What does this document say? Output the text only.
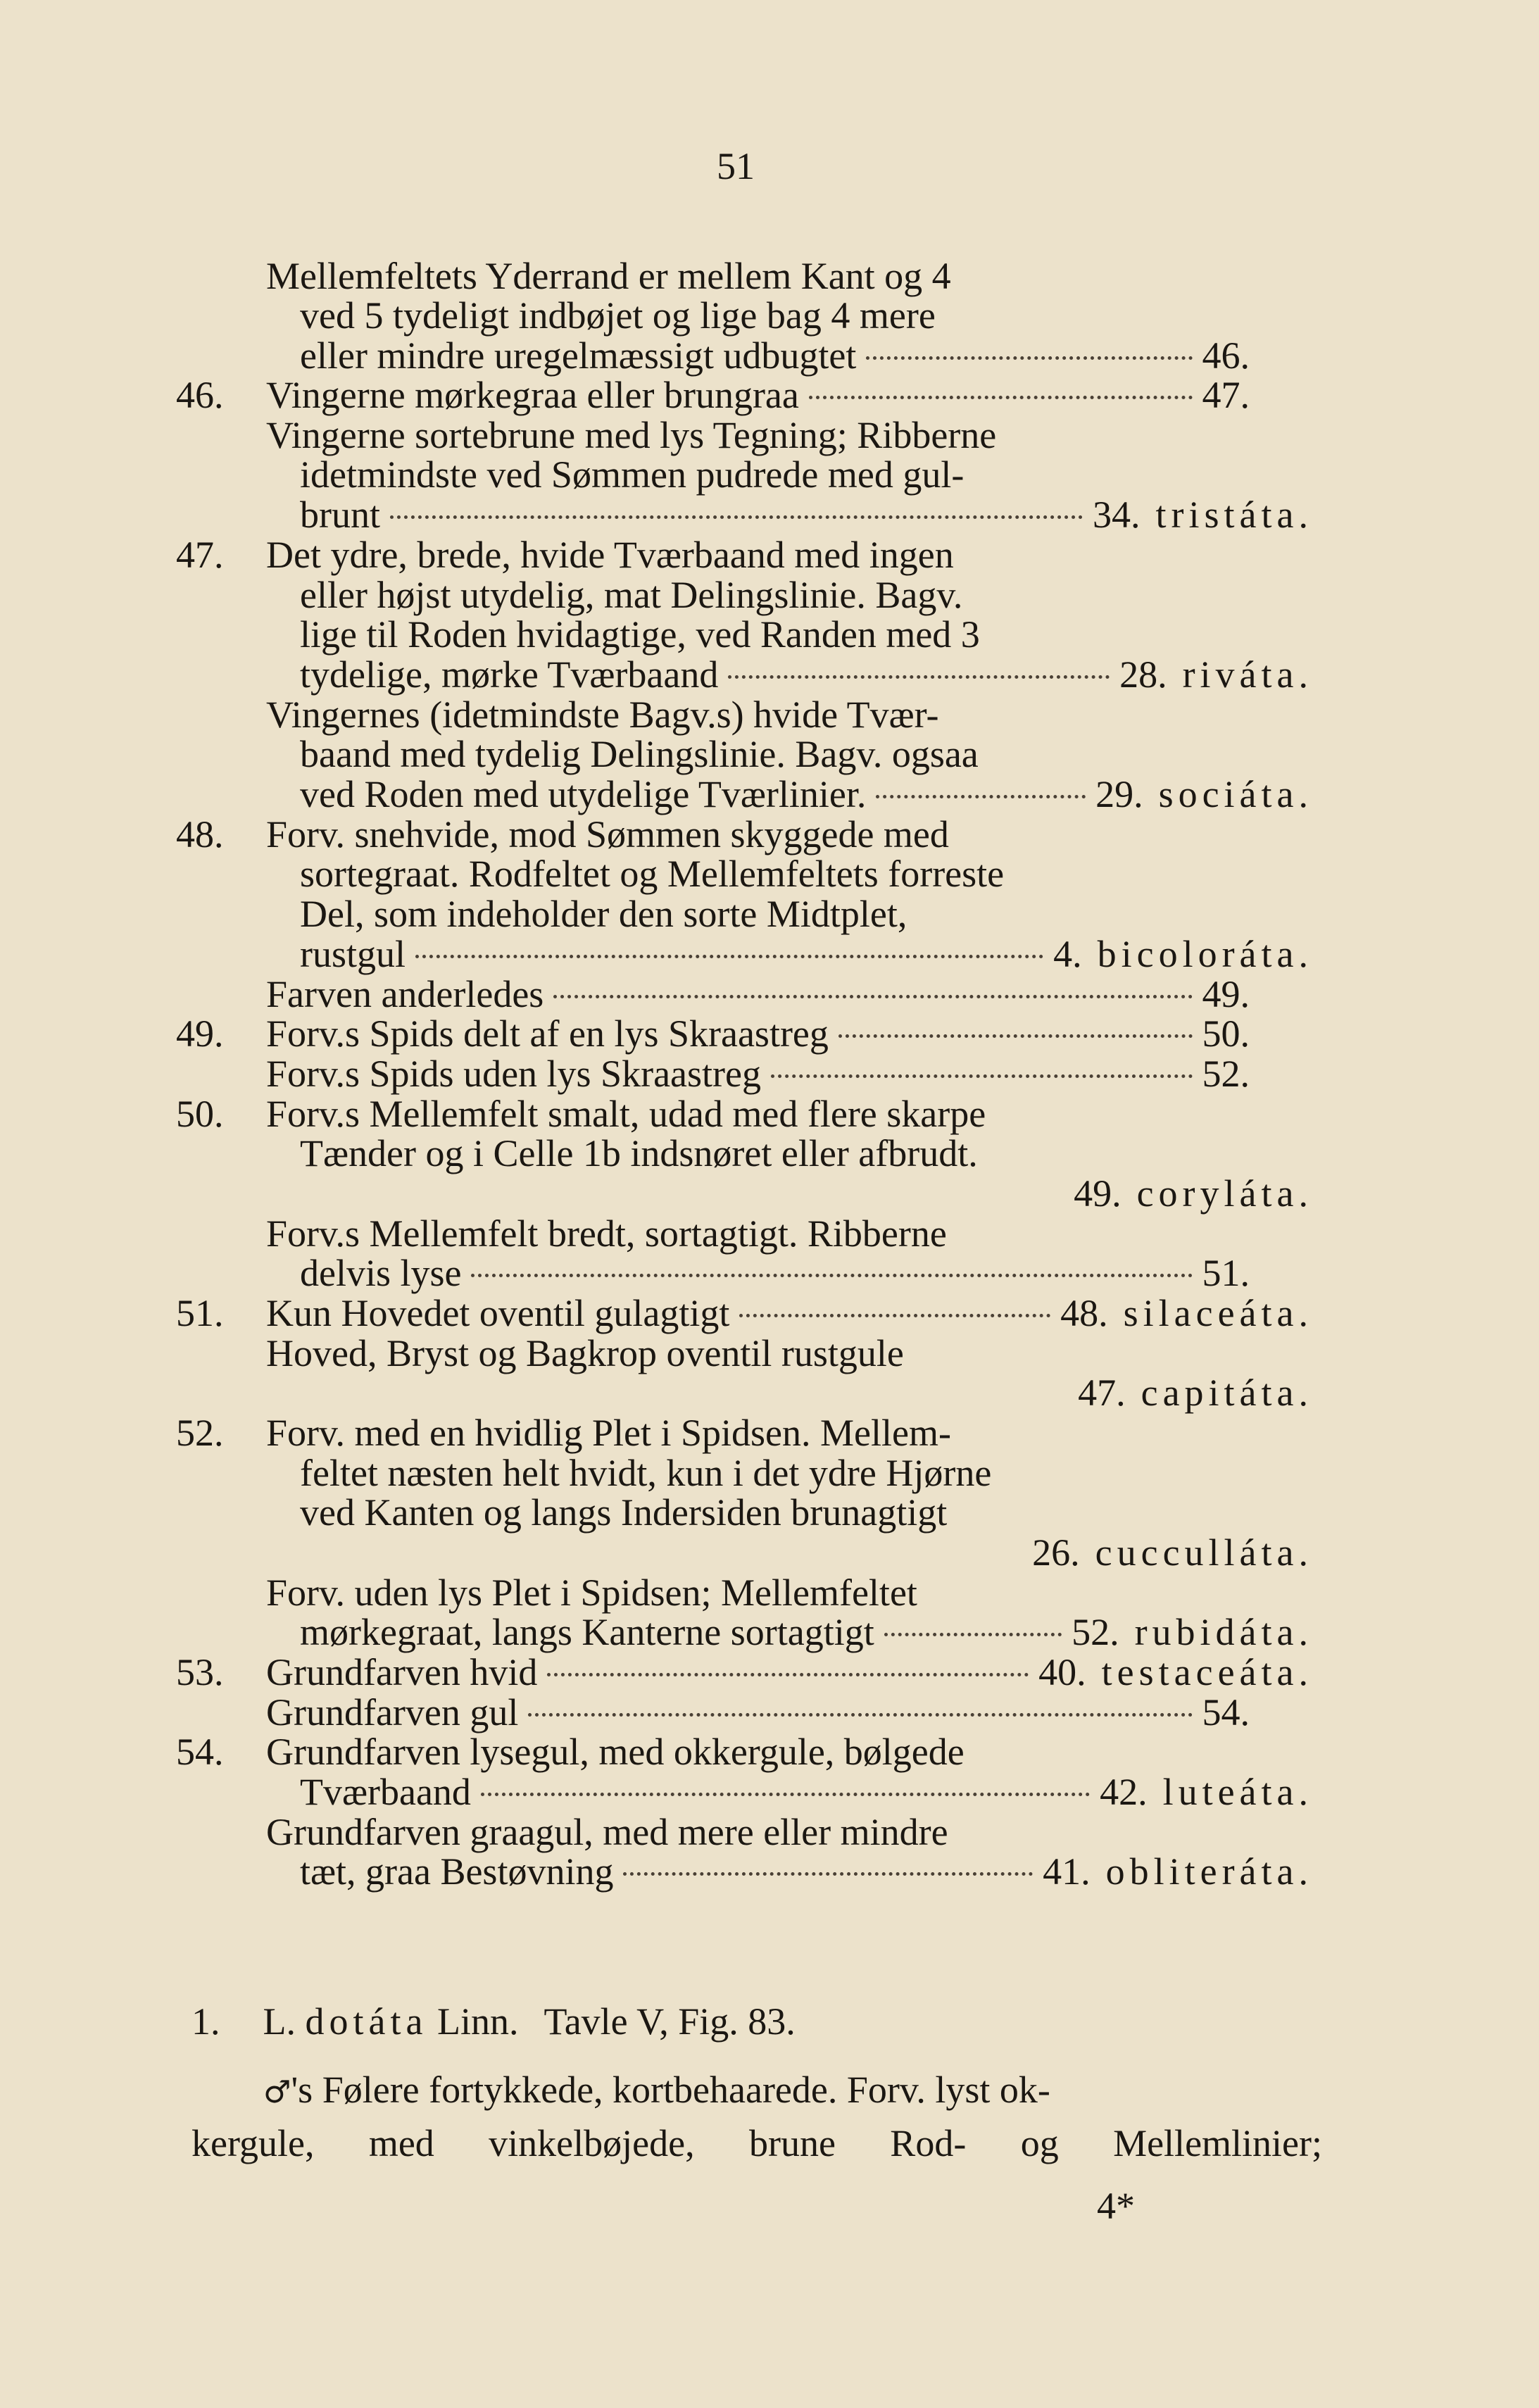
51
Mellemfeltets Yderrand er mellem Kant og 4
ved 5 tydeligt indbøjet og lige bag 4 mere
eller mindre uregelmæssigt udbugtet	46.
46. Vingerne mørkegraa eller brungraa	47.
Vingerne sortebrune med lys Tegning; Ribberne
idetmindste ved Sømmen pudrede med gul-
brunt	34. tristáta.
47. Det ydre, brede, hvide Tværbaand med ingen
eller højst utydelig, mat Delingslinie. Bagv.
lige til Roden hvidagtige, ved Randen med 3
tydelige, mørke Tværbaand	28. riváta.
Vingernes (idetmindste Bagv.s) hvide Tvær-
baand med tydelig Delingslinie. Bagv. ogsaa
ved Roden med utydelige Tværlinier.	29. sociáta.
48. Forv. snehvide, mod Sømmen skyggede med
sortegraat. Rodfeltet og Mellemfeltets forreste
Del, som indeholder den sorte Midtplet,
rustgul	4. bicoloráta.
Farven anderledes	49.
49. Forv.s Spids delt af en lys Skraastreg	50.
Forv.s Spids uden lys Skraastreg	52.
50. Forv.s Mellemfelt smalt, udad med flere skarpe
Tænder og i Celle 1b indsnøret eller afbrudt.
49. coryláta.
Forv.s Mellemfelt bredt, sortagtigt. Ribberne
delvis lyse	51.
51. Kun Hovedet oventil gulagtigt	48. silaceáta.
Hoved, Bryst og Bagkrop oventil rustgule
47. capitáta.
52. Forv. med en hvidlig Plet i Spidsen. Mellem-
feltet næsten helt hvidt, kun i det ydre Hjørne
ved Kanten og langs Indersiden brunagtigt
26. cucculláta.
Forv. uden lys Plet i Spidsen; Mellemfeltet
mørkegraat, langs Kanterne sortagtigt	52. rubidáta.
53. Grundfarven hvid	40. testaceáta.
Grundfarven gul	54.
54. Grundfarven lysegul, med okkergule, bølgede
Tværbaand	42. luteáta.
Grundfarven graagul, med mere eller mindre
tæt, graa Bestøvning	41. obliteráta.
1. L. dotáta Linn. Tavle V, Fig. 83.
♂'s Følere fortykkede, kortbehaarede. Forv. lyst ok-
kergule, med vinkelbøjede, brune Rod- og Mellemlinier;
4*
